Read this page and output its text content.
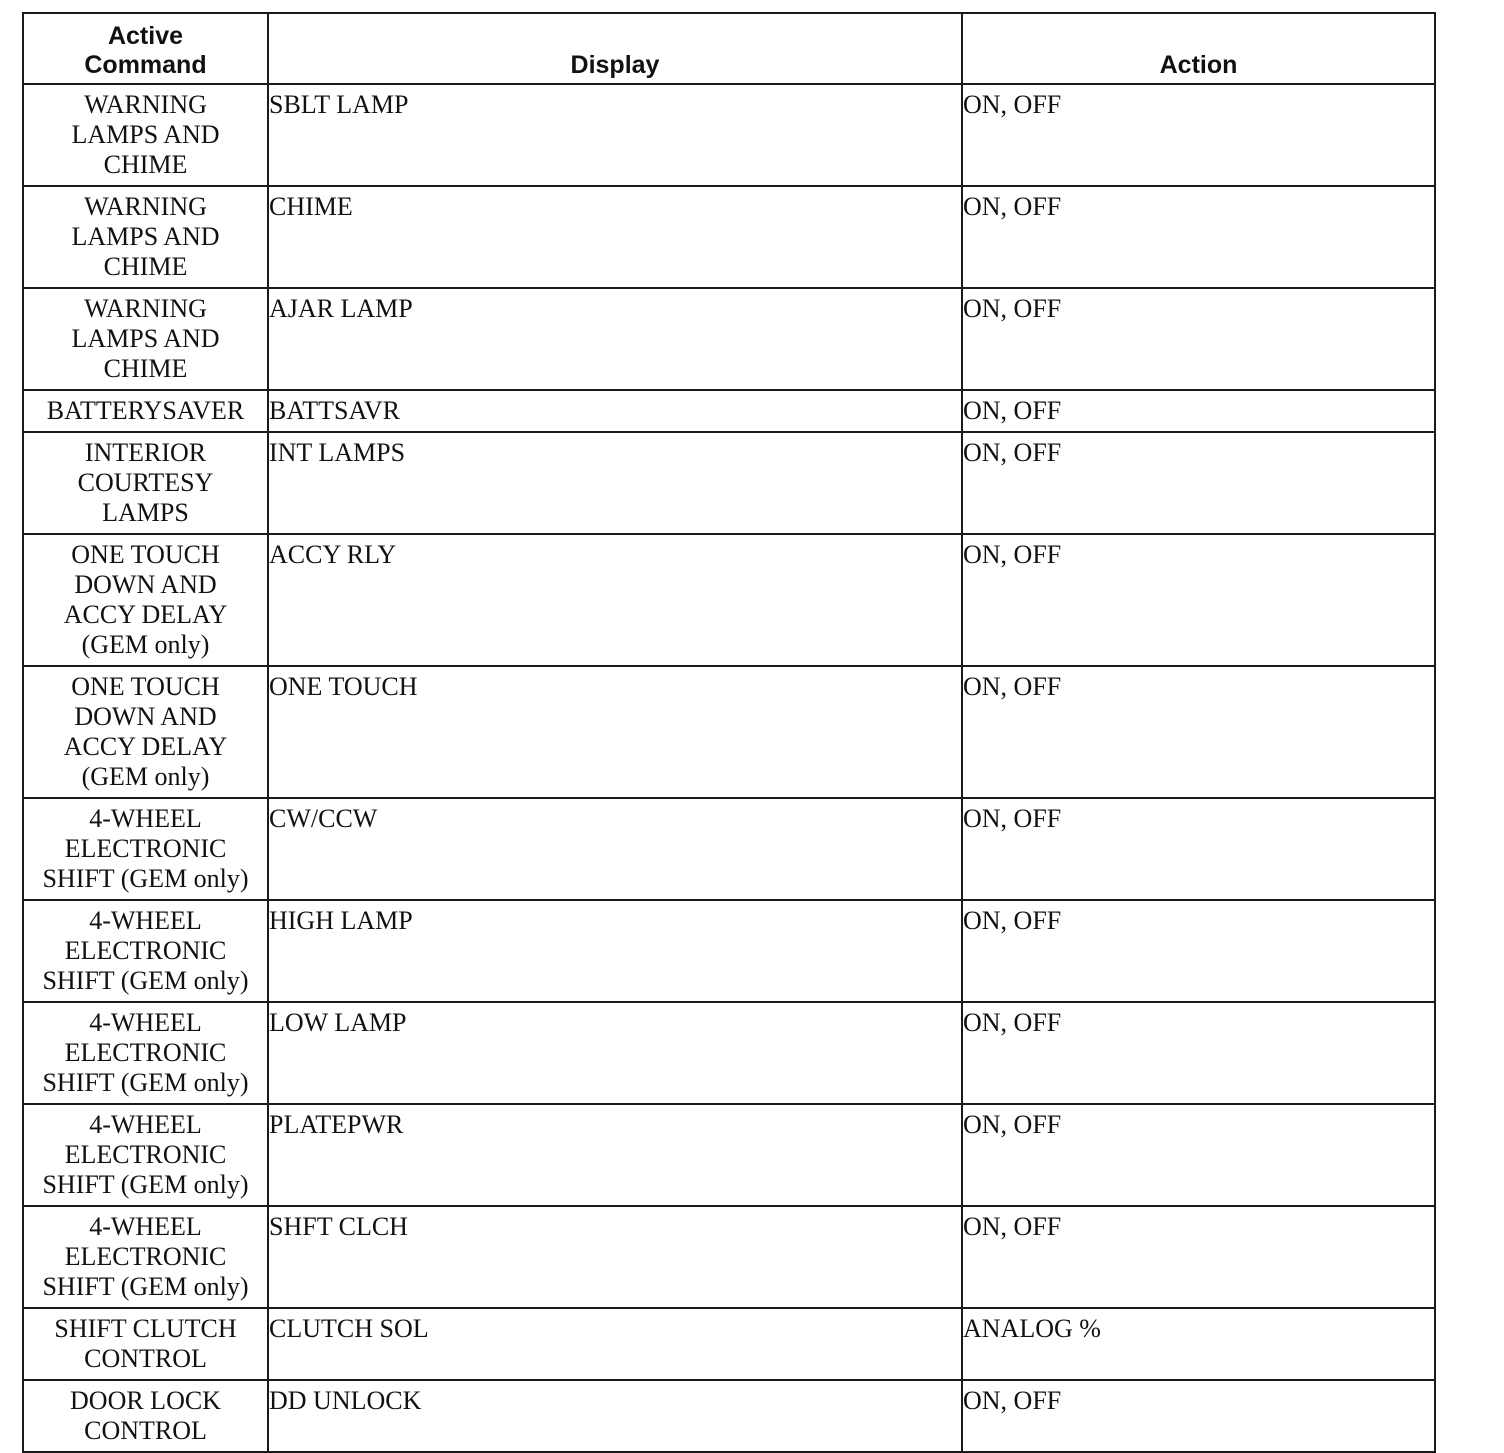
Active
Command	Display	Action

WARNING
LAMPS AND
CHIME	SBLT LAMP	ON, OFF

WARNING
LAMPS AND
CHIME	CHIME	ON, OFF

WARNING
LAMPS AND
CHIME	AJAR LAMP	ON, OFF

BATTERYSAVER	BATTSAVR	ON, OFF

INTERIOR
COURTESY
LAMPS	INT LAMPS	ON, OFF

ONE TOUCH
DOWN AND
ACCY DELAY
(GEM only)	ACCY RLY	ON, OFF

ONE TOUCH
DOWN AND
ACCY DELAY
(GEM only)	ONE TOUCH	ON, OFF

4-WHEEL
ELECTRONIC
SHIFT (GEM only)	CW/CCW	ON, OFF

4-WHEEL
ELECTRONIC
SHIFT (GEM only)	HIGH LAMP	ON, OFF

4-WHEEL
ELECTRONIC
SHIFT (GEM only)	LOW LAMP	ON, OFF

4-WHEEL
ELECTRONIC
SHIFT (GEM only)	PLATEPWR	ON, OFF

4-WHEEL
ELECTRONIC
SHIFT (GEM only)	SHFT CLCH	ON, OFF

SHIFT CLUTCH
CONTROL	CLUTCH SOL	ANALOG %

DOOR LOCK
CONTROL	DD UNLOCK	ON, OFF
